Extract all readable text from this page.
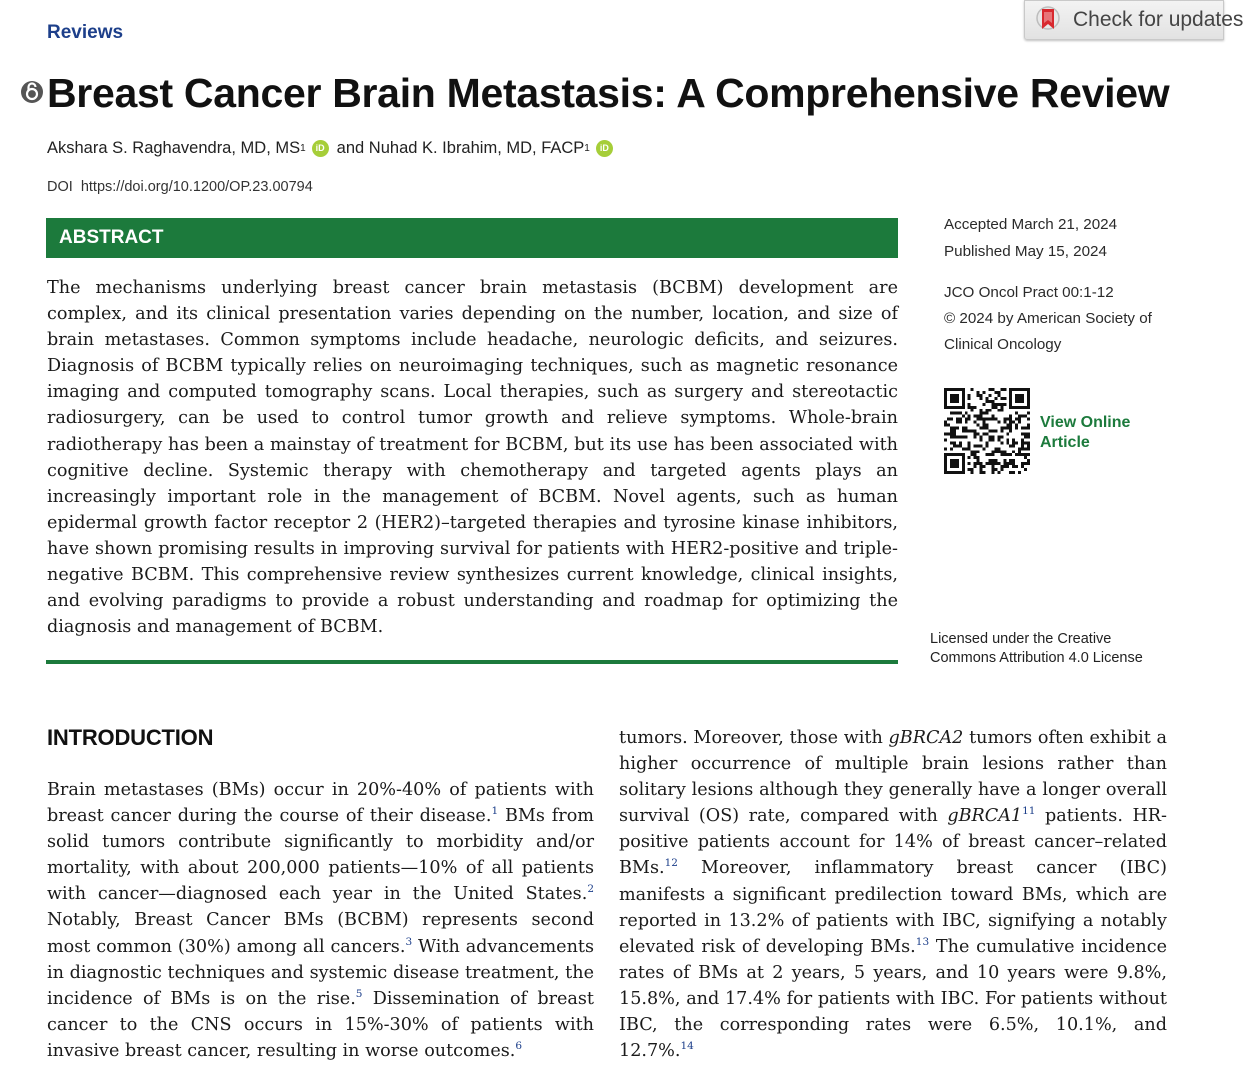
Reviews
Check for updates
Breast Cancer Brain Metastasis: A Comprehensive Review
Akshara S. Raghavendra, MD, MS 1	iD and
Nuhad K. Ibrahim, MD, FACP 1	iD
DOI https://doi.org/10.1200/OP.23.00794
ABSTRACT
The mechanisms underlying breast cancer brain metastasis (BCBM) development are complex, and its clinical presentation varies depending on the number, location, and size of brain metastases. Common symptoms include headache, neurologic deficits, and seizures. Diagnosis of BCBM typically relies on neuroimaging techniques, such as magnetic resonance imaging and computed tomography scans. Local therapies, such as surgery and stereotactic radiosurgery, can be used to control tumor growth and relieve symptoms. Whole-brain radiotherapy has been a mainstay of treatment for BCBM, but its use has been associated with cognitive decline. Systemic therapy with chemotherapy and targeted agents plays an increasingly important role in the management of BCBM. Novel agents, such as human epidermal growth factor receptor 2 (HER2)–targeted therapies and tyrosine kinase inhibitors, have shown promising results in improving survival for patients with HER2-positive and triple-negative BCBM. This comprehensive review synthesizes current knowledge, clinical insights, and evolving paradigms to provide a robust understanding and roadmap for optimizing the diagnosis and management of BCBM.
Accepted March 21, 2024
Published May 15, 2024
JCO Oncol Pract 00:1-12
© 2024 by American Society of
Clinical Oncology
View Online
Article
Licensed under the Creative
Commons Attribution 4.0 License
INTRODUCTION
Brain metastases (BMs) occur in 20%-40% of patients with breast cancer during the course of their disease.$^1$ BMs from solid tumors contribute significantly to morbidity and/or mortality, with about 200,000 patients—10% of all patients with cancer—diagnosed each year in the United States.$^2$ Notably, Breast Cancer BMs (BCBM) represents second most common (30%) among all cancers.$^3$ With advancements in diagnostic techniques and systemic disease treatment, the incidence of BMs is on the rise.$^5$ Dissemination of breast cancer to the CNS occurs in 15%-30% of patients with invasive breast cancer, resulting in worse outcomes.$^6$
tumors. Moreover, those with gBRCA2 tumors often exhibit a higher occurrence of multiple brain lesions rather than solitary lesions although they generally have a longer overall survival (OS) rate, compared with gBRCA1$^{11}$ patients. HR-positive patients account for 14% of breast cancer–related BMs.$^{12}$ Moreover, inflammatory breast cancer (IBC) manifests a significant predilection toward BMs, which are reported in 13.2% of patients with IBC, signifying a notably elevated risk of developing BMs.$^{13}$ The cumulative incidence rates of BMs at 2 years, 5 years, and 10 years were 9.8%, 15.8%, and 17.4% for patients with IBC. For patients without IBC, the corresponding rates were 6.5%, 10.1%, and 12.7%.$^{14}$
